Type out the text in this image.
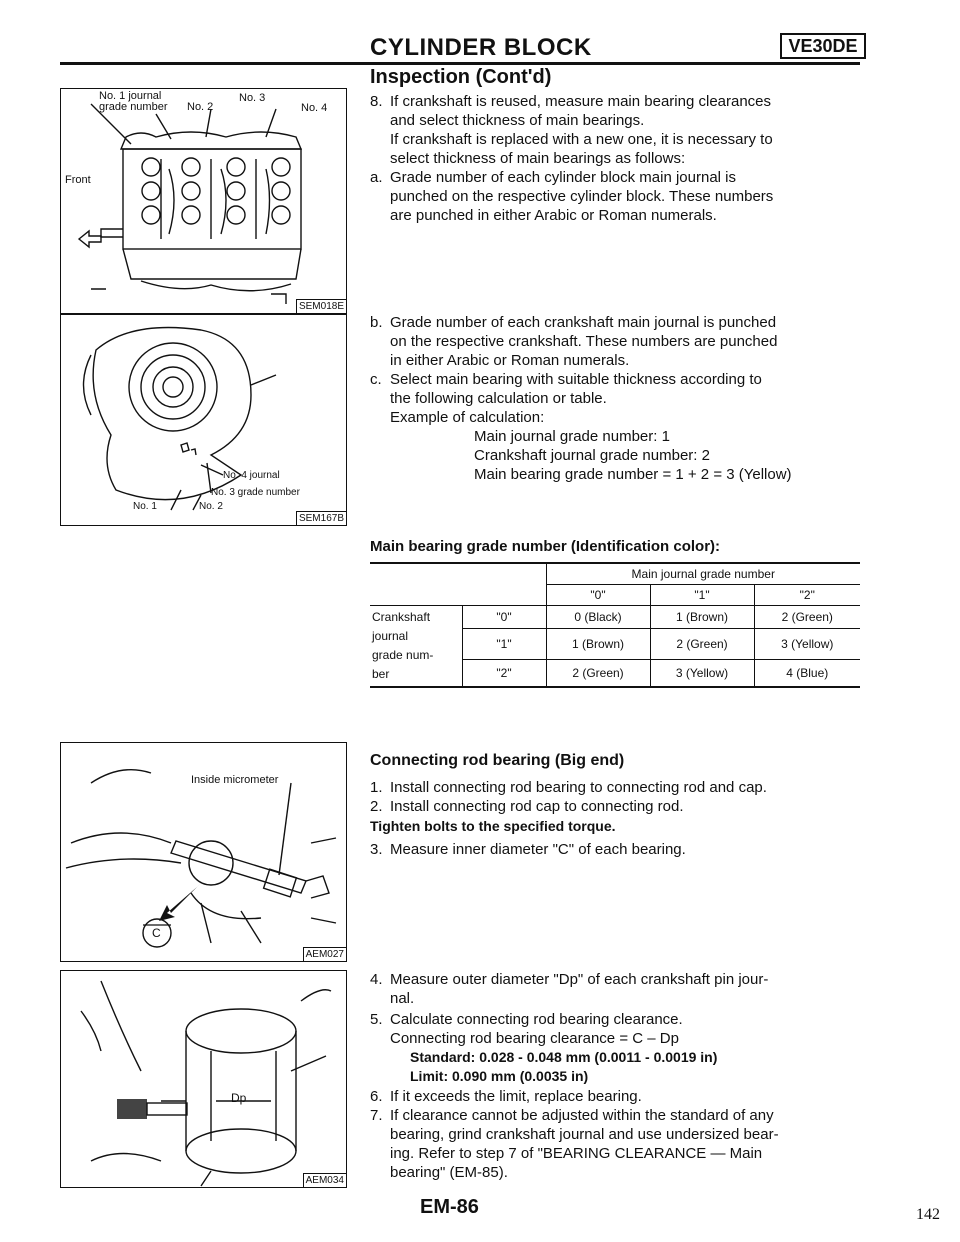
CYLINDER BLOCK	VE30DE
Inspection (Cont'd)
No. 1 journal
grade number No. 2
No. 3
No. 4
Front
SEM018E
No. 4 journal
No. 3 grade number
No. 1	No. 2
SEM167B
Inside micrometer
C
AEM027
Dp
AEM034
8. If crankshaft is reused, measure main bearing clearances
and select thickness of main bearings.
If crankshaft is replaced with a new one, it is necessary to
select thickness of main bearings as follows:
a. Grade number of each cylinder block main journal is
punched on the respective cylinder block. These numbers
are punched in either Arabic or Roman numerals.
b. Grade number of each crankshaft main journal is punched
on the respective crankshaft. These numbers are punched
in either Arabic or Roman numerals.
c. Select main bearing with suitable thickness according to
the following calculation or table.
Example of calculation:
Main journal grade number: 1
Crankshaft journal grade number: 2
Main bearing grade number = 1 + 2 = 3 (Yellow)
Main bearing grade number (Identification color):
		Main journal grade number		
		"0"	"1"	"2"

Crankshaft
journal
grade num-
ber	"0"	0 (Black)	1 (Brown)	2 (Green)
	"1"	1 (Brown)	2 (Green)	3 (Yellow)
	"2"	2 (Green)	3 (Yellow)	4 (Blue)
Connecting rod bearing (Big end)
1. Install connecting rod bearing to connecting rod and cap.
2. Install connecting rod cap to connecting rod.
Tighten bolts to the specified torque.
3. Measure inner diameter "C" of each bearing.
4. Measure outer diameter "Dp" of each crankshaft pin jour-
nal.
5. Calculate connecting rod bearing clearance.
Connecting rod bearing clearance = C – Dp
Standard: 0.028 - 0.048 mm (0.0011 - 0.0019 in)
Limit: 0.090 mm (0.0035 in)
6. If it exceeds the limit, replace bearing.
7. If clearance cannot be adjusted within the standard of any
bearing, grind crankshaft journal and use undersized bear-
ing. Refer to step 7 of "BEARING CLEARANCE — Main
bearing" (EM-85).
EM-86	142
